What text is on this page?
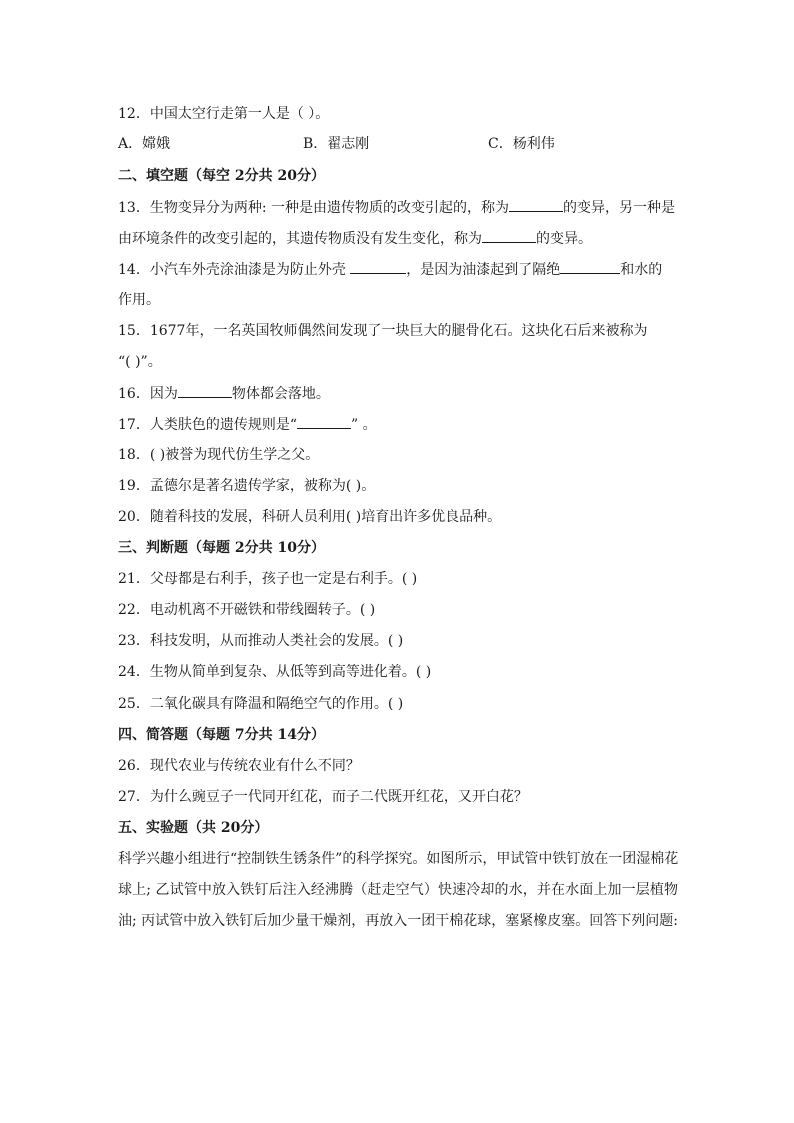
12．中国太空行走第一人是（ ）。
A．嫦娥	B．翟志刚	C．杨利伟
二、填空题（每空 2分共 20分）
13．生物变异分为两种: 一种是由遗传物质的改变引起的，称为	的变异，另一种是
由环境条件的改变引起的，其遗传物质没有发生变化，称为	的变异。
14．小汽车外壳涂油漆是为防止外壳	，是因为油漆起到了隔绝	和水的
作用。
15．1677年，一名英国牧师偶然间发现了一块巨大的腿骨化石。这块化石后来被称为
“( )”。
16．因为	物体都会落地。
17．人类肤色的遗传规则是“	” 。
18．( )被誉为现代仿生学之父。
19．孟德尔是著名遗传学家，被称为( )。
20．随着科技的发展，科研人员利用( )培育出许多优良品种。
三、判断题（每题 2分共 10分）
21．父母都是右利手，孩子也一定是右利手。( )
22．电动机离不开磁铁和带线圈转子。( )
23．科技发明，从而推动人类社会的发展。( )
24．生物从简单到复杂、从低等到高等进化着。( )
25．二氧化碳具有降温和隔绝空气的作用。( )
四、简答题（每题 7分共 14分）
26．现代农业与传统农业有什么不同？
27．为什么豌豆子一代同开红花，而子二代既开红花，又开白花？
五、实验题（共 20分）
科学兴趣小组进行“控制铁生锈条件”的科学探究。如图所示，甲试管中铁钉放在一团湿棉花
球上; 乙试管中放入铁钉后注入经沸腾（赶走空气）快速冷却的水，并在水面上加一层植物
油; 丙试管中放入铁钉后加少量干燥剂，再放入一团干棉花球，塞紧橡皮塞。回答下列问题:
